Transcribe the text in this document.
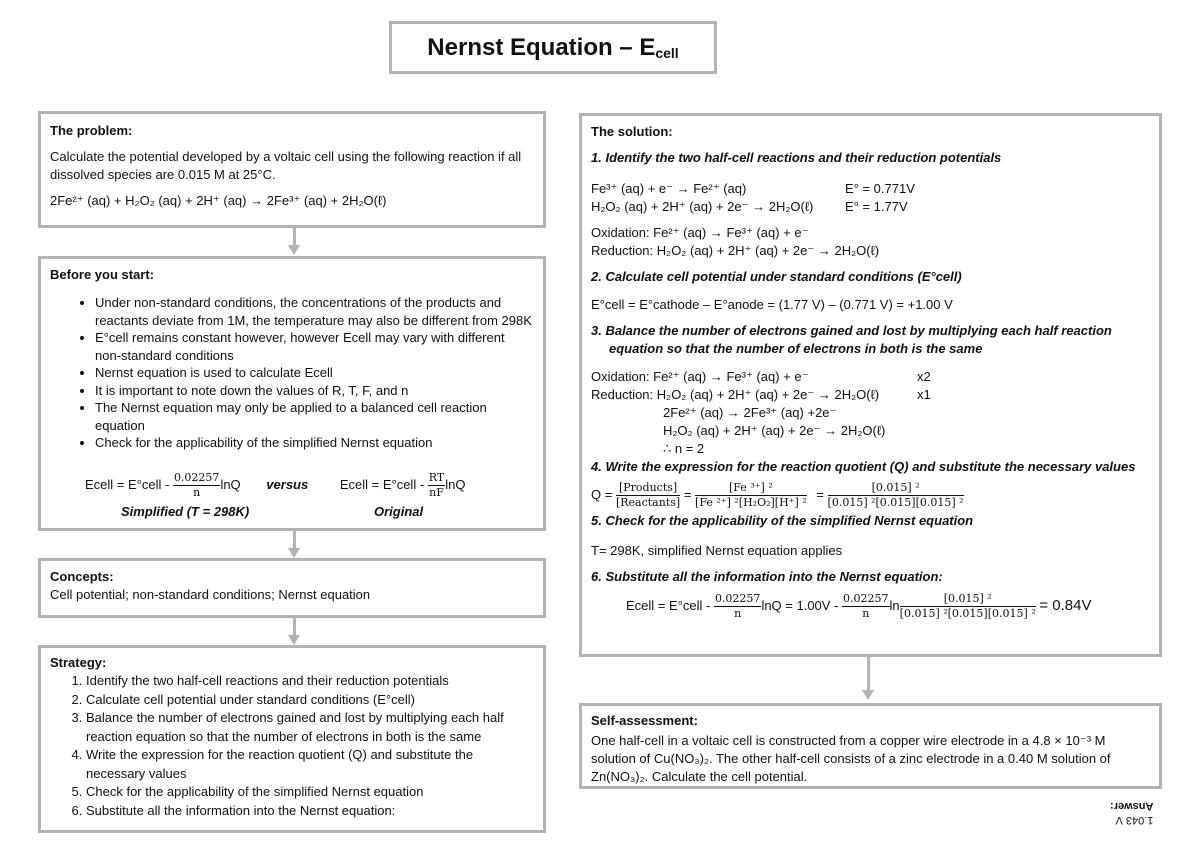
Nernst Equation – $E_{cell}$

The problem:

Calculate the potential developed by a voltaic cell using the following reaction if all dissolved species are 0.015 M at 25°C.

2Fe²⁺ (aq) + H₂O₂ (aq) + 2H⁺ (aq) → 2Fe³⁺ (aq) + 2H₂O(ℓ)

Before you start:

• Under non-standard conditions, the concentrations of the products and reactants deviate from 1M, the temperature may also be different from 298K
• E°cell remains constant however, however Ecell may vary with different non-standard conditions
• Nernst equation is used to calculate Ecell
• It is important to note down the values of R, T, F, and n
• The Nernst equation may only be applied to a balanced cell reaction equation
• Check for the applicability of the simplified Nernst equation
Ecell = E°cell - $\frac{0.02257}{n}$ lnQ versus Ecell = E°cell - $\frac{RT}{nF}$ lnQ
Simplified (T = 298K)	Original

Concepts:

Cell potential; non-standard conditions; Nernst equation

Strategy:

1. Identify the two half-cell reactions and their reduction potentials
2. Calculate cell potential under standard conditions (E°cell)
3. Balance the number of electrons gained and lost by multiplying each half reaction equation so that the number of electrons in both is the same
4. Write the expression for the reaction quotient (Q) and substitute the necessary values
5. Check for the applicability of the simplified Nernst equation
6. Substitute all the information into the Nernst equation:

The solution:

1. Identify the two half-cell reactions and their reduction potentials

Fe³⁺ (aq) + e⁻ → Fe²⁺ (aq)	E° = 0.771V
H₂O₂ (aq) + 2H⁺ (aq) + 2e⁻ → 2H₂O(ℓ) E° = 1.77V

Oxidation: Fe²⁺ (aq) → Fe³⁺ (aq) + e⁻

Reduction: H₂O₂ (aq) + 2H⁺ (aq) + 2e⁻ → 2H₂O(ℓ)

2. Calculate cell potential under standard conditions (E°cell)

E°cell = E°cathode – E°anode = (1.77 V) – (0.771 V) = +1.00 V

3. Balance the number of electrons gained and lost by multiplying each half reaction equation so that the number of electrons in both is the same

Oxidation: Fe²⁺ (aq) → Fe³⁺ (aq) + e⁻	x2
Reduction: H₂O₂ (aq) + 2H⁺ (aq) + 2e⁻ → 2H₂O(ℓ)	x1

2Fe²⁺ (aq) → 2Fe³⁺ (aq) +2e⁻

H₂O₂ (aq) + 2H⁺ (aq) + 2e⁻ → 2H₂O(ℓ)

∴ n = 2

4. Write the expression for the reaction quotient (Q) and substitute the necessary values

$Q = \frac{\text{[Products]}}{\text{[Reactants]}} = \frac{\text{[Fe ³⁺] ²}}{\text{[Fe ²⁺] ²[H₂O₂][H⁺] ²}} = \frac{\text{[0.015] ²}}{\text{[0.015] ²[0.015][0.015] ²}}$

5. Check for the applicability of the simplified Nernst equation

T= 298K, simplified Nernst equation applies

6. Substitute all the information into the Nernst equation:

Ecell = E°cell - $\frac{0.02257}{n}$ $\ln Q = 1.00V - \frac{0.02257}{n}$ $\ln \frac{\text{[0.015] ²}}{\text{[0.015] ²[0.015][0.015] ²}} = 0.84V$

Self-assessment:

One half-cell in a voltaic cell is constructed from a copper wire electrode in a 4.8 × 10⁻³ M solution of Cu(NO₃)₂. The other half-cell consists of a zinc electrode in a 0.40 M solution of Zn(NO₃)₂. Calculate the cell potential.

1.043 V
Answer:
